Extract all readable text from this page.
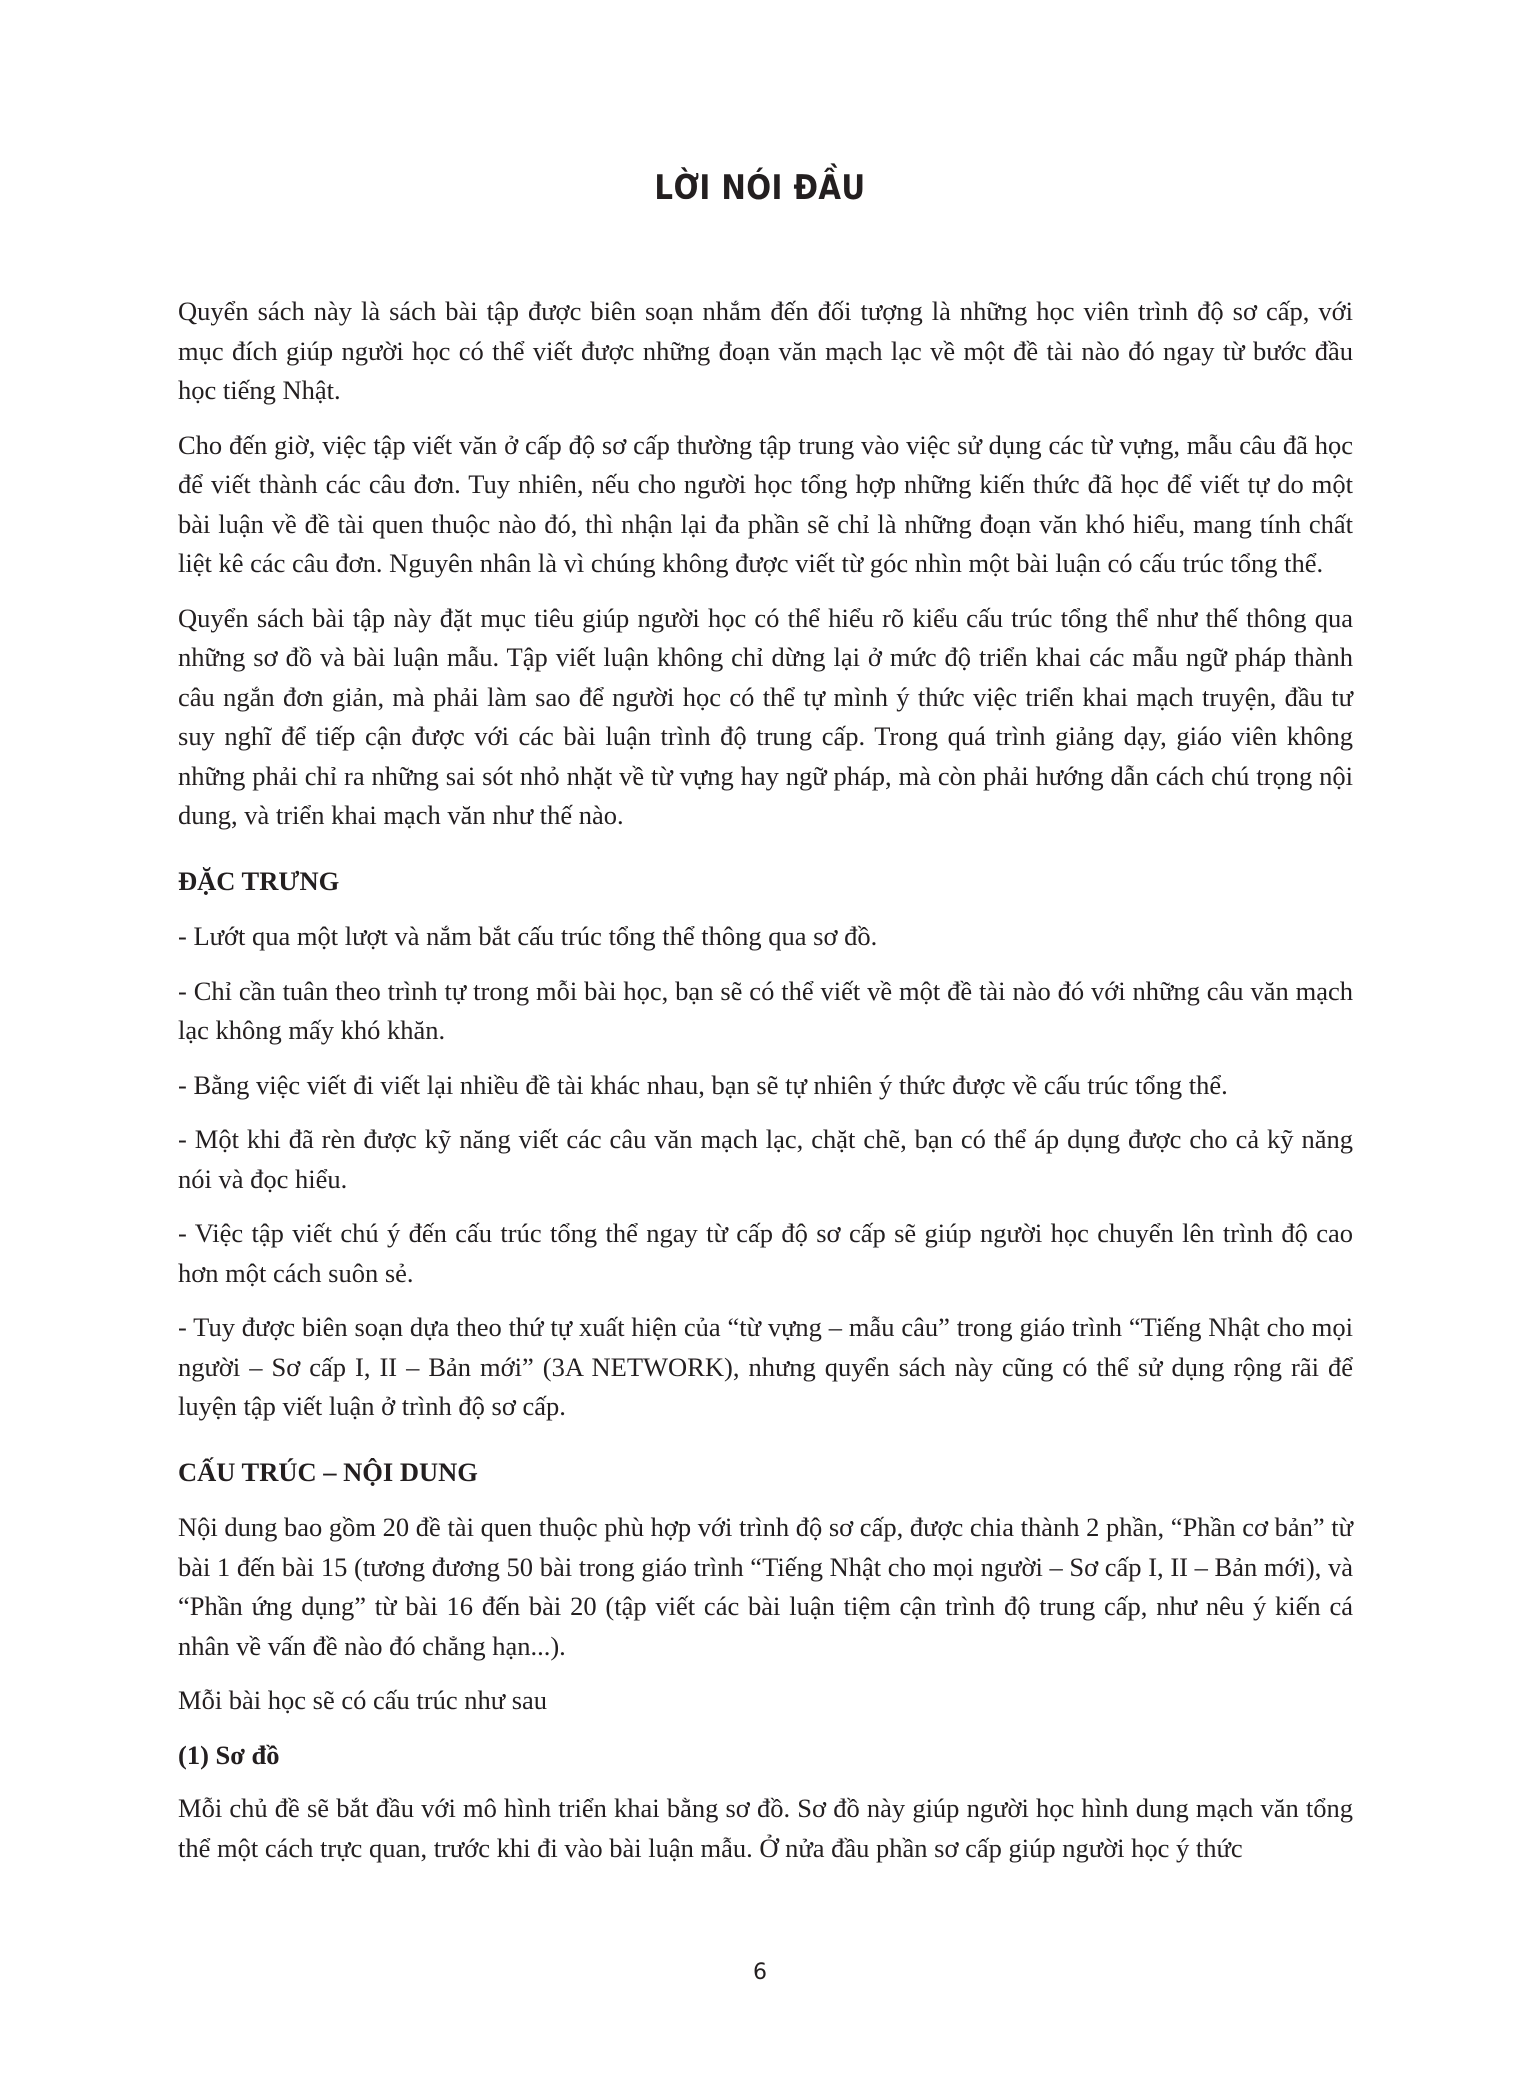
LỜI NÓI ĐẦU

Quyển sách này là sách bài tập được biên soạn nhắm đến đối tượng là những học viên trình độ sơ cấp, với mục đích giúp người học có thể viết được những đoạn văn mạch lạc về một đề tài nào đó ngay từ bước đầu học tiếng Nhật.

Cho đến giờ, việc tập viết văn ở cấp độ sơ cấp thường tập trung vào việc sử dụng các từ vựng, mẫu câu đã học để viết thành các câu đơn. Tuy nhiên, nếu cho người học tổng hợp những kiến thức đã học để viết tự do một bài luận về đề tài quen thuộc nào đó, thì nhận lại đa phần sẽ chỉ là những đoạn văn khó hiểu, mang tính chất liệt kê các câu đơn. Nguyên nhân là vì chúng không được viết từ góc nhìn một bài luận có cấu trúc tổng thể.

Quyển sách bài tập này đặt mục tiêu giúp người học có thể hiểu rõ kiểu cấu trúc tổng thể như thế thông qua những sơ đồ và bài luận mẫu. Tập viết luận không chỉ dừng lại ở mức độ triển khai các mẫu ngữ pháp thành câu ngắn đơn giản, mà phải làm sao để người học có thể tự mình ý thức việc triển khai mạch truyện, đầu tư suy nghĩ để tiếp cận được với các bài luận trình độ trung cấp. Trong quá trình giảng dạy, giáo viên không những phải chỉ ra những sai sót nhỏ nhặt về từ vựng hay ngữ pháp, mà còn phải hướng dẫn cách chú trọng nội dung, và triển khai mạch văn như thế nào.

ĐẶC TRƯNG

- Lướt qua một lượt và nắm bắt cấu trúc tổng thể thông qua sơ đồ.

- Chỉ cần tuân theo trình tự trong mỗi bài học, bạn sẽ có thể viết về một đề tài nào đó với những câu văn mạch lạc không mấy khó khăn.

- Bằng việc viết đi viết lại nhiều đề tài khác nhau, bạn sẽ tự nhiên ý thức được về cấu trúc tổng thể.

- Một khi đã rèn được kỹ năng viết các câu văn mạch lạc, chặt chẽ, bạn có thể áp dụng được cho cả kỹ năng nói và đọc hiểu.

- Việc tập viết chú ý đến cấu trúc tổng thể ngay từ cấp độ sơ cấp sẽ giúp người học chuyển lên trình độ cao hơn một cách suôn sẻ.

- Tuy được biên soạn dựa theo thứ tự xuất hiện của “từ vựng – mẫu câu” trong giáo trình “Tiếng Nhật cho mọi người – Sơ cấp I, II – Bản mới” (3A NETWORK), nhưng quyển sách này cũng có thể sử dụng rộng rãi để luyện tập viết luận ở trình độ sơ cấp.

CẤU TRÚC – NỘI DUNG

Nội dung bao gồm 20 đề tài quen thuộc phù hợp với trình độ sơ cấp, được chia thành 2 phần, “Phần cơ bản” từ bài 1 đến bài 15 (tương đương 50 bài trong giáo trình “Tiếng Nhật cho mọi người – Sơ cấp I, II – Bản mới), và “Phần ứng dụng” từ bài 16 đến bài 20 (tập viết các bài luận tiệm cận trình độ trung cấp, như nêu ý kiến cá nhân về vấn đề nào đó chẳng hạn...).

Mỗi bài học sẽ có cấu trúc như sau

(1) Sơ đồ

Mỗi chủ đề sẽ bắt đầu với mô hình triển khai bằng sơ đồ. Sơ đồ này giúp người học hình dung mạch văn tổng thể một cách trực quan, trước khi đi vào bài luận mẫu. Ở nửa đầu phần sơ cấp giúp người học ý thức

6
